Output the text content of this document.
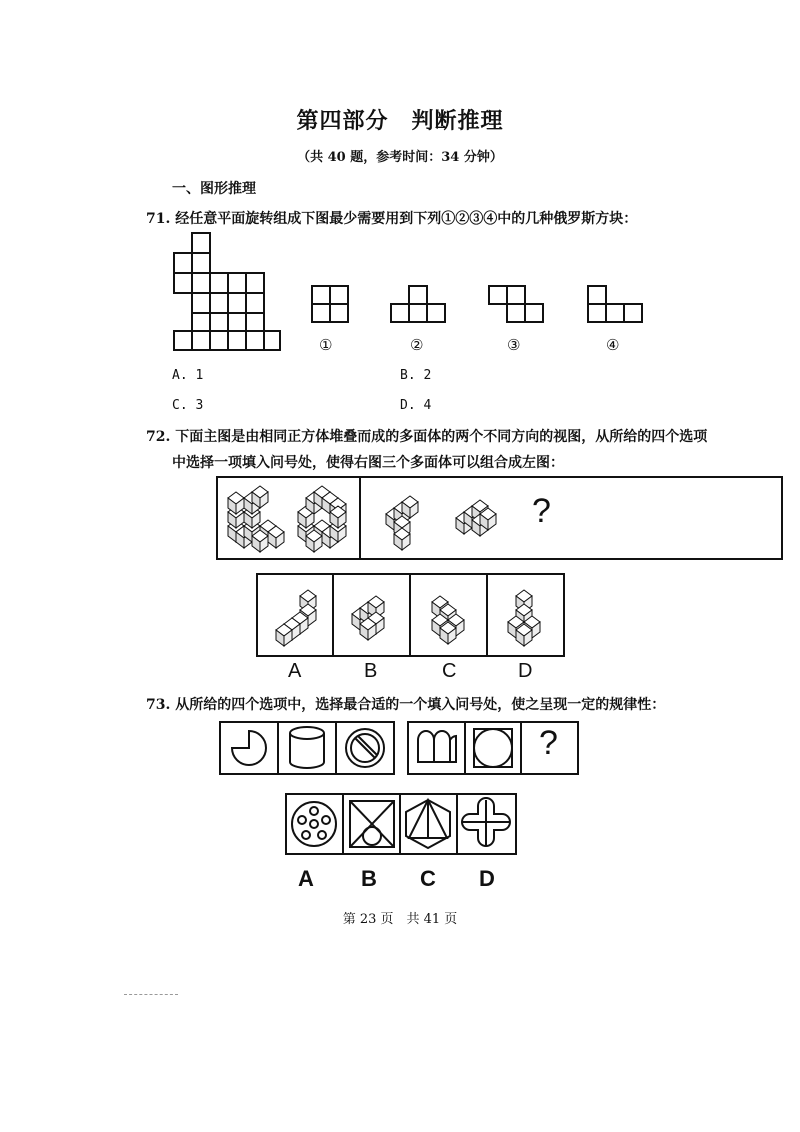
第四部分　判断推理
（共 40 题，参考时间：34 分钟）
一、图形推理
71. 经任意平面旋转组成下图最少需要用到下列①②③④中的几种俄罗斯方块：
①	②	③	④
A. 1	B. 2
C. 3	D. 4
72. 下面主图是由相同正方体堆叠而成的多面体的两个不同方向的视图，从所给的四个选项
中选择一项填入问号处，使得右图三个多面体可以组合成左图：
?
A	B	C	D
73. 从所给的四个选项中，选择最合适的一个填入问号处，使之呈现一定的规律性：
?
A B C D
第 23 页　共 41 页
